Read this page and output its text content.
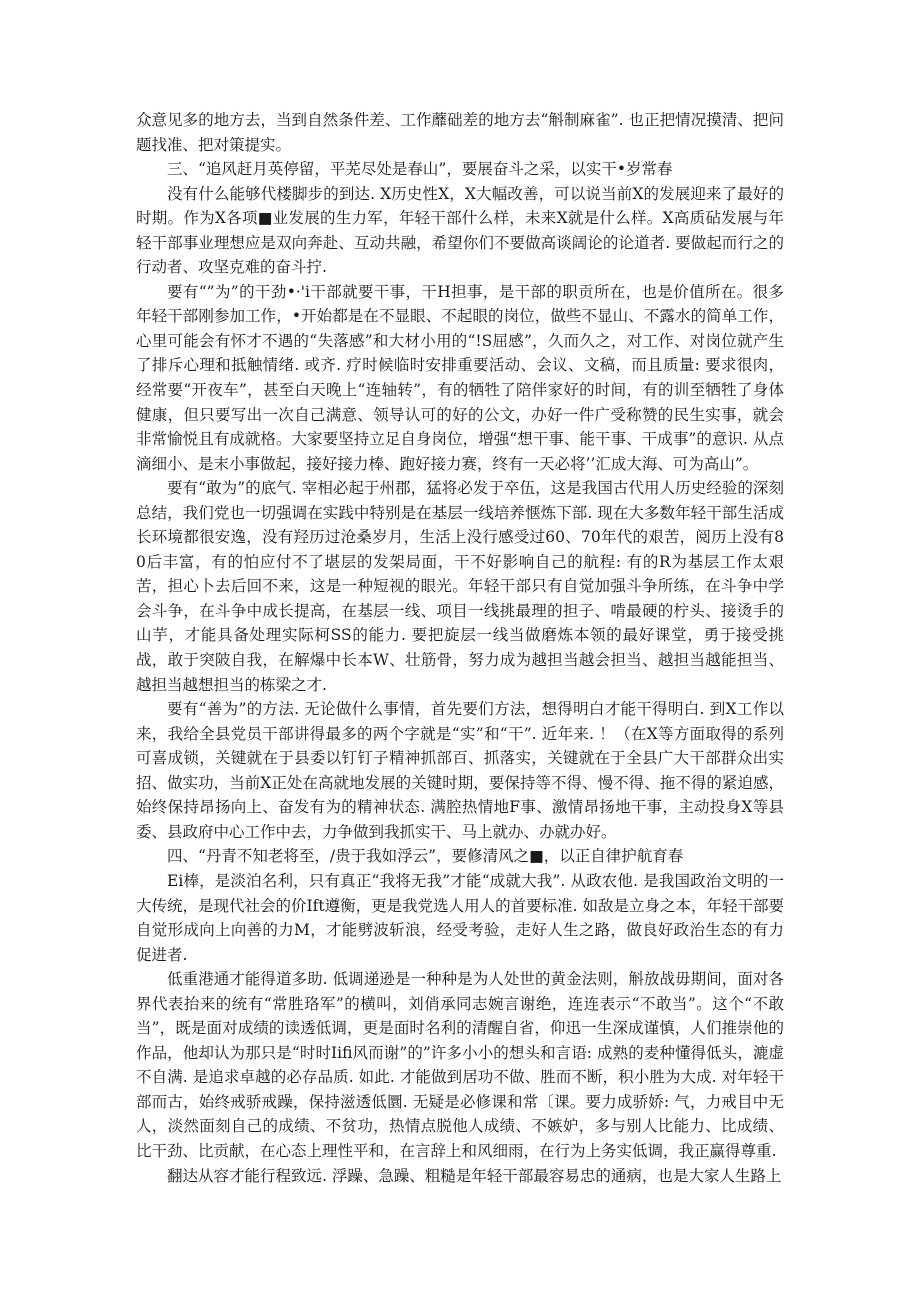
众意见多的地方去，当到自然条件差、工作蘼础差的地方去“斛制麻雀”. 也正把情况摸清、把问题找准、把对策提实。

三、“追风赶月英停留，平芜尽处是春山”，要展奋斗之采，以实干•岁常春

没有什么能够代楼脚步的到达. X历史性X，X大幅改善，可以说当前X的发展迎来了最好的时期。作为X各项■业发展的生力军，年轻干部什么样，未来X就是什么样。X高质砧发展与年轻干部事业理想应是双向奔赴、互动共融，希望你们不要做高谈阔论的论道者. 要做起而行之的行动者、攻坚克难的奋斗拧.

要有“”为”的干劲•·'i干部就要干事，干H担事，是干部的职贡所在，也是价值所在。很多年轻干部刚参加工作，•开始都是在不显眼、不起眼的岗位，做些不显山、不露水的简单工作，心里可能会有怀才不遇的“失落感”和大材小用的“!S屈感”，久而久之，对工作、对岗位就产生了排斥心理和抵触情绪. 或齐. 疗时候临时安排重要活动、会议、文稿，而且质量: 要求很肉，经常要“开夜车”，甚至白天晚上“连轴转”，有的牺牲了陪伴家好的时间，有的训至牺牲了身体健康，但只要写出一次自己满意、领导认可的好的公文，办好一件广受称赞的民生实事，就会非常愉悦且有成就格。大家要坚持立足自身岗位，增强“想干事、能干事、干成事”的意识. 从点滴细小、是末小事做起，接好接力棒、跑好接力赛，终有一天必将’’汇成大海、可为高山”。

要有“敢为”的底气. 宰相必起于州郡，猛将必发于卒伍，这是我国古代用人历史经验的深刻总结，我们党也一切强调在实践中特别是在基层一线培养惬炼下部. 现在大多数年轻干部生活成长环境都很安逸，没有羟历过沧桑岁月，生活上没行感受过60、70年代的艰苦，阅历上没有80后丰富，有的怕应付不了堪层的发架局面，干不好影响自己的航程: 有的R为基层工作太艰苦，担心卜去后回不来，这是一种短视的眼光。年轻干部只有自觉加强斗争所练，在斗争中学会斗争，在斗争中成长提高，在基层一线、项目一线挑最理的担子、啃最硬的柠头、接烫手的山芋，才能具备处理实际柯SS的能力. 要把旋层一线当做磨炼本领的最好课堂，勇于接受挑战，敢于突陂自我，在解爆中长本W、壮筋骨，努力成为越担当越会担当、越担当越能担当、越担当越想担当的栋梁之才.

要有“善为”的方法. 无论做什么事情，首先要们方法，想得明白才能干得明白. 到X工作以来，我给全县党员干部讲得最多的两个字就是“实”和“干”. 近年来. ！（在X等方面取得的系列可喜成锁，关键就在于县委以钉钉子精神抓部百、抓落实，关键就在于全县广大干部群众出实招、做实功，当前X正处在高就地发展的关键时期，要保持等不得、慢不得、拖不得的紧迫感，始终保持昂扬向上、奋发有为的精神状态. 满腔热情地F事、激情昂扬地干事，主动投身X等县委、县政府中心工作中去，力争做到我抓实干、马上就办、办就办好。

四、“丹青不知老将至，/贵于我如浮云”，要修清风之■，以正自律护航育春

Ei棒，是淡泊名利，只有真正“我将无我”才能“成就大我”. 从政农他. 是我国政治文明的一大传统，是现代社会的价Ift遵衡，更是我党选人用人的首要标准. 如敌是立身之本，年轻干部要自觉形成向上向善的力M，才能劈波斩浪，经受考验，走好人生之路，做良好政治生态的有力促进者.

低重港通才能得道多助. 低调递逊是一种种是为人处世的黄金法则，斛放战毋期间，面对各界代表抬来的统有“常胜珞军”的横叫，刘俏承同志婉言谢绝，连连表示“不敢当”。这个“不敢当”，既是面对成绩的读透低调，更是面时名利的清醒自省，仰迅一生深成谨慎，人们推崇他的作品，他却认为那只是“时时Iifi风而谢”的”许多小小的想头和言语: 成熟的麦种懂得低头，漉虚不自满. 是追求卓越的必存品质. 如此. 才能做到居功不做、胜而不断，积小胜为大成. 对年轻干部而古，始终戒骄戒躁，保持滋透低圜. 无疑是必修课和常〔课。要力成骄娇: 气，力戒目中无人，淡然面刻自己的成绩、不贫功，热情点脱他人成绩、不嫉妒，多与别人比能力、比成绩、比干劲、比贡献，在心态上理性平和，在言辞上和风细雨，在行为上务实低调，我正赢得尊重.

翻达从容才能行程致远. 浮躁、急躁、粗糙是年轻干部最容易忠的通病，也是大家人生路上
